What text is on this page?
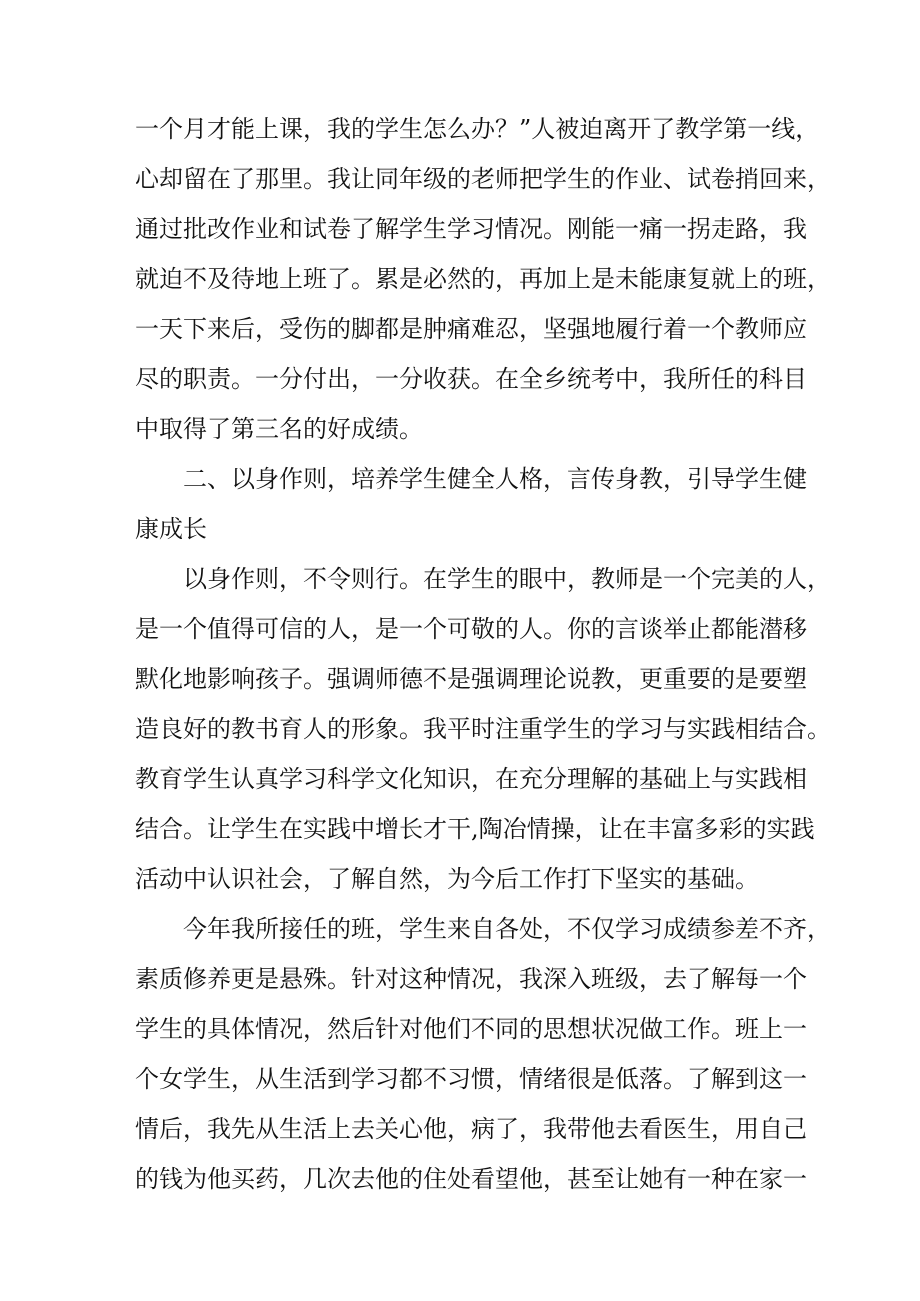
一个月才能上课，我的学生怎么办？”人被迫离开了教学第一线，
心却留在了那里。我让同年级的老师把学生的作业、试卷捎回来，
通过批改作业和试卷了解学生学习情况。刚能一痛一拐走路，我
就迫不及待地上班了。累是必然的，再加上是未能康复就上的班，
一天下来后，受伤的脚都是肿痛难忍，坚强地履行着一个教师应
尽的职责。一分付出，一分收获。在全乡统考中，我所任的科目
中取得了第三名的好成绩。
二、以身作则，培养学生健全人格，言传身教，引导学生健
康成长
以身作则，不令则行。在学生的眼中，教师是一个完美的人，
是一个值得可信的人，是一个可敬的人。你的言谈举止都能潜移
默化地影响孩子。强调师德不是强调理论说教，更重要的是要塑
造良好的教书育人的形象。我平时注重学生的学习与实践相结合。
教育学生认真学习科学文化知识，在充分理解的基础上与实践相
结合。让学生在实践中增长才干,陶冶情操，让在丰富多彩的实践
活动中认识社会，了解自然，为今后工作打下坚实的基础。
今年我所接任的班，学生来自各处，不仅学习成绩参差不齐，
素质修养更是悬殊。针对这种情况，我深入班级，去了解每一个
学生的具体情况，然后针对他们不同的思想状况做工作。班上一
个女学生，从生活到学习都不习惯，情绪很是低落。了解到这一
情后，我先从生活上去关心他，病了，我带他去看医生，用自己
的钱为他买药，几次去他的住处看望他，甚至让她有一种在家一
